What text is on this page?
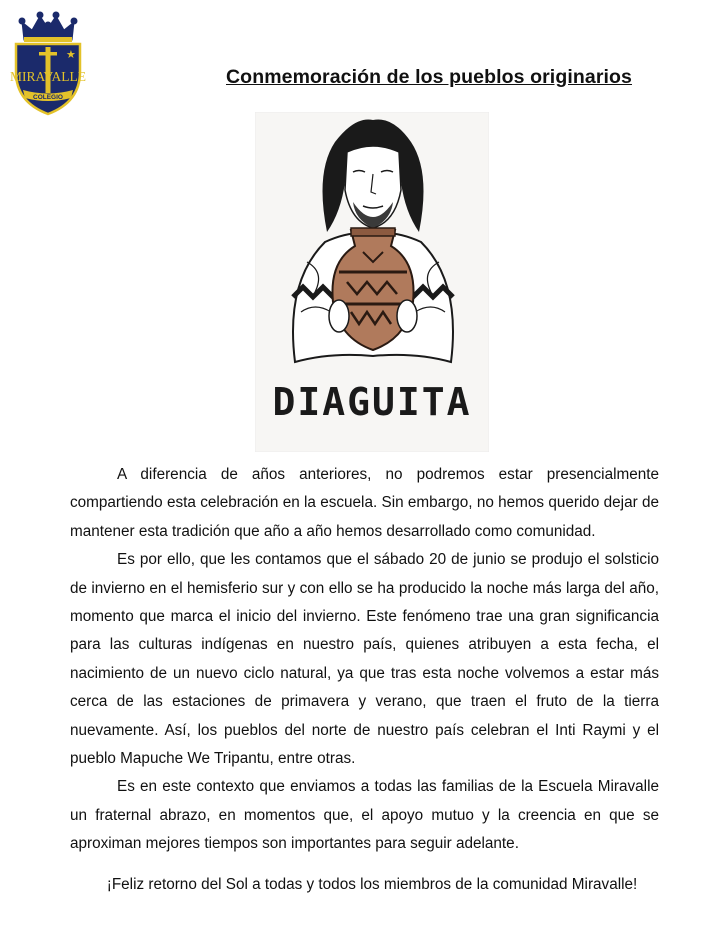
★
MIRAVALLE
COLEGIO
Conmemoración de los pueblos originarios
DIAGUITA

A diferencia de años anteriores, no podremos estar presencialmente compartiendo esta celebración en la escuela. Sin embargo, no hemos querido dejar de mantener esta tradición que año a año hemos desarrollado como comunidad.

Es por ello, que les contamos que el sábado 20 de junio se produjo el solsticio de invierno en el hemisferio sur y con ello se ha producido la noche más larga del año, momento que marca el inicio del invierno. Este fenómeno trae una gran significancia para las culturas indígenas en nuestro país, quienes atribuyen a esta fecha, el nacimiento de un nuevo ciclo natural, ya que tras esta noche volvemos a estar más cerca de las estaciones de primavera y verano, que traen el fruto de la tierra nuevamente. Así, los pueblos del norte de nuestro país celebran el Inti Raymi y el pueblo Mapuche We Tripantu, entre otras.

Es en este contexto que enviamos a todas las familias de la Escuela Miravalle un fraternal abrazo, en momentos que, el apoyo mutuo y la creencia en que se aproximan mejores tiempos son importantes para seguir adelante.

¡Feliz retorno del Sol a todas y todos los miembros de la comunidad Miravalle!
